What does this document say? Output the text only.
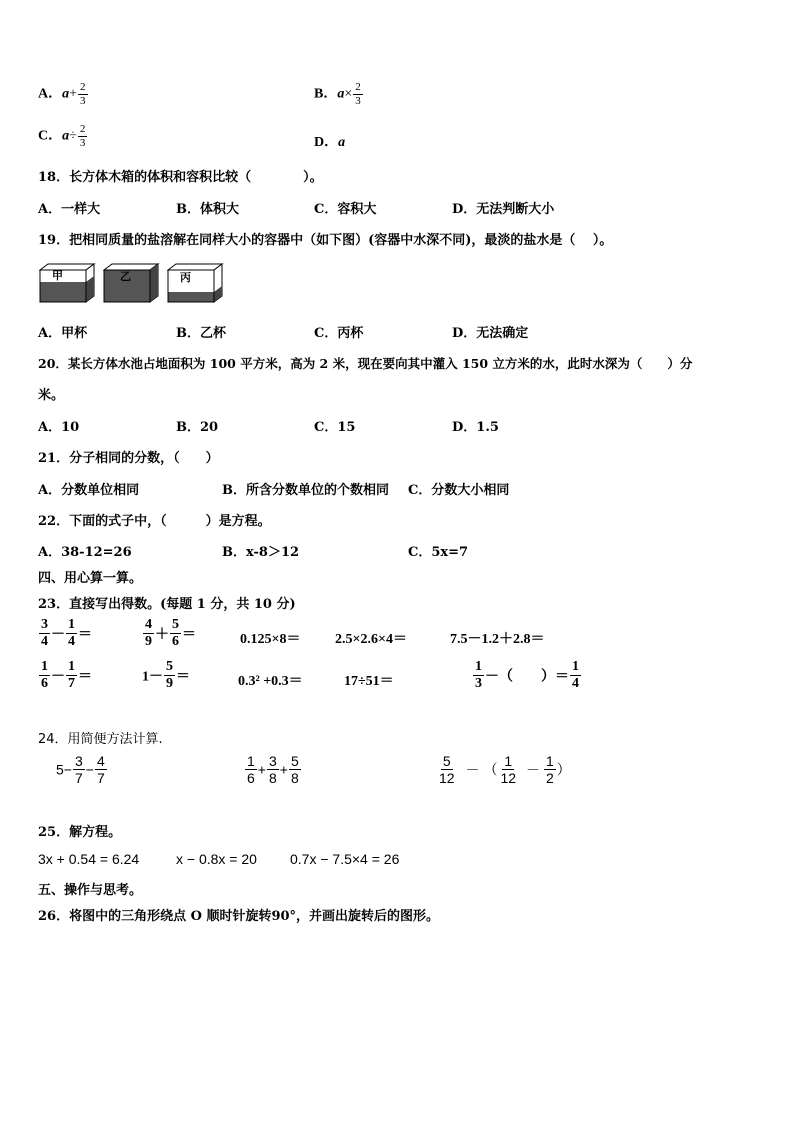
A．$a+ \frac{2}{3}$	B．$a\times \frac{2}{3}$
C．$a\div \frac{2}{3}$	D．a
18．长方体木箱的体积和容积比较（　　　　）。
A．一样大	B．体积大	C．容积大	D．无法判断大小
19．把相同质量的盐溶解在同样大小的容器中（如下图）(容器中水深不同)，最淡的盐水是（　 ）。
甲	乙	丙
A．甲杯	B．乙杯	C．丙杯	D．无法确定
20．某长方体水池占地面积为 100 平方米，高为 2 米，现在要向其中灌入 150 立方米的水，此时水深为（　　）分
米。
A．10	B．20	C．15	D．1.5
21．分子相同的分数，（　　）
A．分数单位相同	B．所含分数单位的个数相同 C．分数大小相同
22．下面的式子中，（　　　）是方程。
A．38-12=26	B．x-8＞12	C．5x=7
四、用心算一算。
23．直接写出得数。(每题 1 分，共 10 分)
$\frac{3}{4} - \frac{1}{4}$ ＝	$\frac{4}{9} + \frac{5}{6}$ ＝	0.125×8＝ 2.5×2.6×4＝	7.5－1.2＋2.8＝
$\frac{1}{6} - \frac{1}{7}$ ＝	$1- \frac{5}{9}$ ＝	0.3² +0.3＝	17÷51＝	$\frac{1}{3}$ －（　　）＝ $\frac{1}{4}$
24．用简便方法计算.
$5- \frac{3}{7} - \frac{4}{7}$	$\frac{1}{6} + \frac{3}{8} + \frac{5}{8}$	$\frac{5}{12}$ － （ $\frac{1}{12} - \frac{1}{2}$ ）
25．解方程。
3x + 0.54 = 6.24	x − 0.8x = 20 0.7x − 7.5×4 = 26
五、操作与思考。
26．将图中的三角形绕点 O 顺时针旋转90°，并画出旋转后的图形。
